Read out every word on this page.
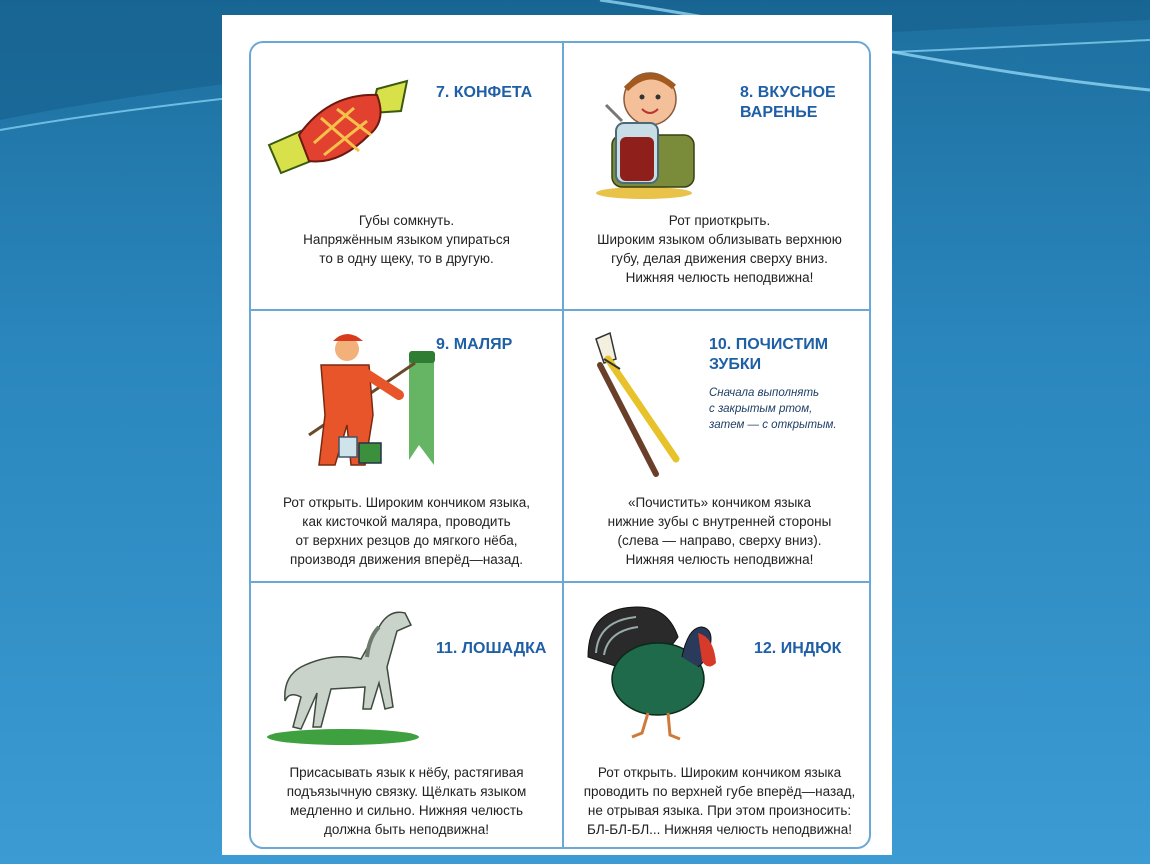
7. КОНФЕТА
Губы сомкнуть.
Напряжённым языком упираться
то в одну щеку, то в другую.
8. ВКУСНОЕ
ВАРЕНЬЕ
Рот приоткрыть.
Широким языком облизывать верхнюю
губу, делая движения сверху вниз.
Нижняя челюсть неподвижна!
9. МАЛЯР
Рот открыть. Широким кончиком языка,
как кисточкой маляра, проводить
от верхних резцов до мягкого нёба,
производя движения вперёд—назад.
10. ПОЧИСТИМ
ЗУБКИ
Сначала выполнять
с закрытым ртом,
затем — с открытым.
«Почистить» кончиком языка
нижние зубы с внутренней стороны
(слева — направо, сверху вниз).
Нижняя челюсть неподвижна!
11. ЛОШАДКА
Присасывать язык к нёбу, растягивая
подъязычную связку. Щёлкать языком
медленно и сильно. Нижняя челюсть
должна быть неподвижна!
12. ИНДЮК
Рот открыть. Широким кончиком языка
проводить по верхней губе вперёд—назад,
не отрывая языка. При этом произносить:
БЛ-БЛ-БЛ... Нижняя челюсть неподвижна!
